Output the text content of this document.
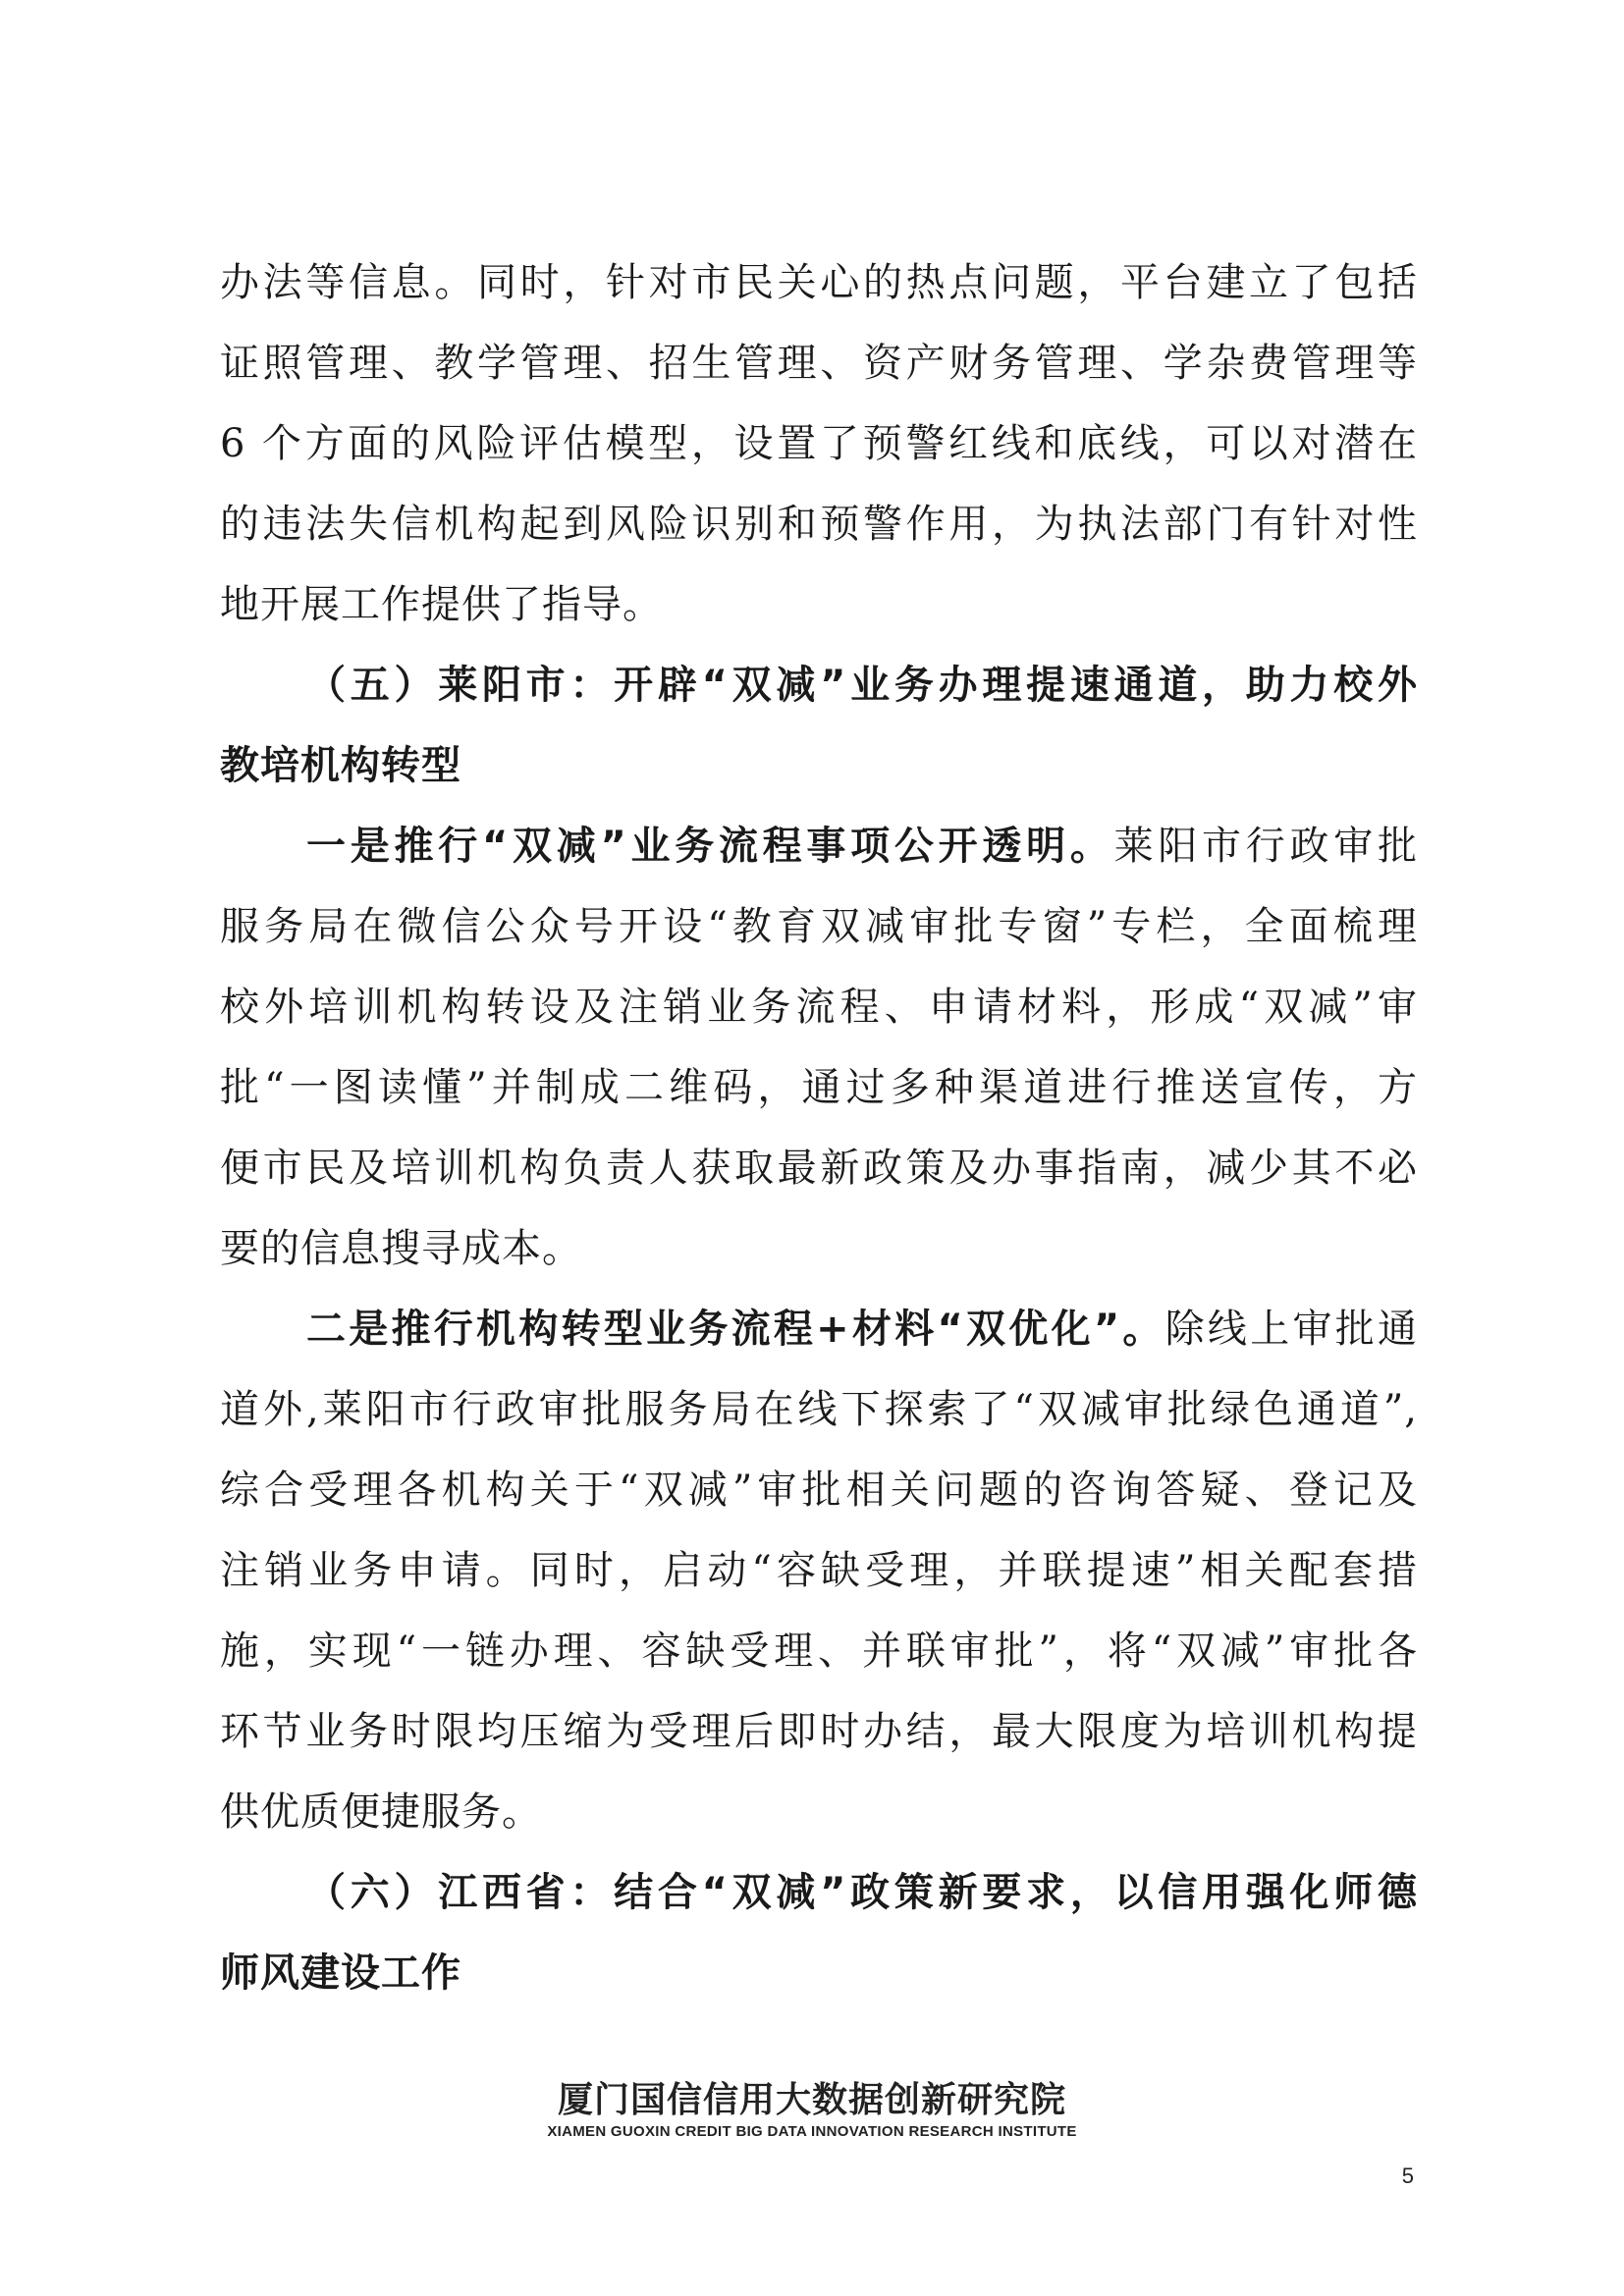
办法等信息。同时，针对市民关心的热点问题，平台建立了包括
证照管理、教学管理、招生管理、资产财务管理、学杂费管理等
6 个方面的风险评估模型，设置了预警红线和底线，可以对潜在
的违法失信机构起到风险识别和预警作用，为执法部门有针对性
地开展工作提供了指导。
（五）莱阳市：开辟“双减”业务办理提速通道，助力校外
教培机构转型
一是推行“双减”业务流程事项公开透明。莱阳市行政审批
服务局在微信公众号开设“教育双减审批专窗”专栏，全面梳理
校外培训机构转设及注销业务流程、申请材料，形成“双减”审
批“一图读懂”并制成二维码，通过多种渠道进行推送宣传，方
便市民及培训机构负责人获取最新政策及办事指南，减少其不必
要的信息搜寻成本。
二是推行机构转型业务流程+材料“双优化”。除线上审批通
道外,莱阳市行政审批服务局在线下探索了“双减审批绿色通道”,
综合受理各机构关于“双减”审批相关问题的咨询答疑、登记及
注销业务申请。同时，启动“容缺受理，并联提速”相关配套措
施，实现“一链办理、容缺受理、并联审批”，将“双减”审批各
环节业务时限均压缩为受理后即时办结，最大限度为培训机构提
供优质便捷服务。
（六）江西省：结合“双减”政策新要求，以信用强化师德
师风建设工作
厦门国信信用大数据创新研究院
XIAMEN GUOXIN CREDIT BIG DATA INNOVATION RESEARCH INSTITUTE
5
